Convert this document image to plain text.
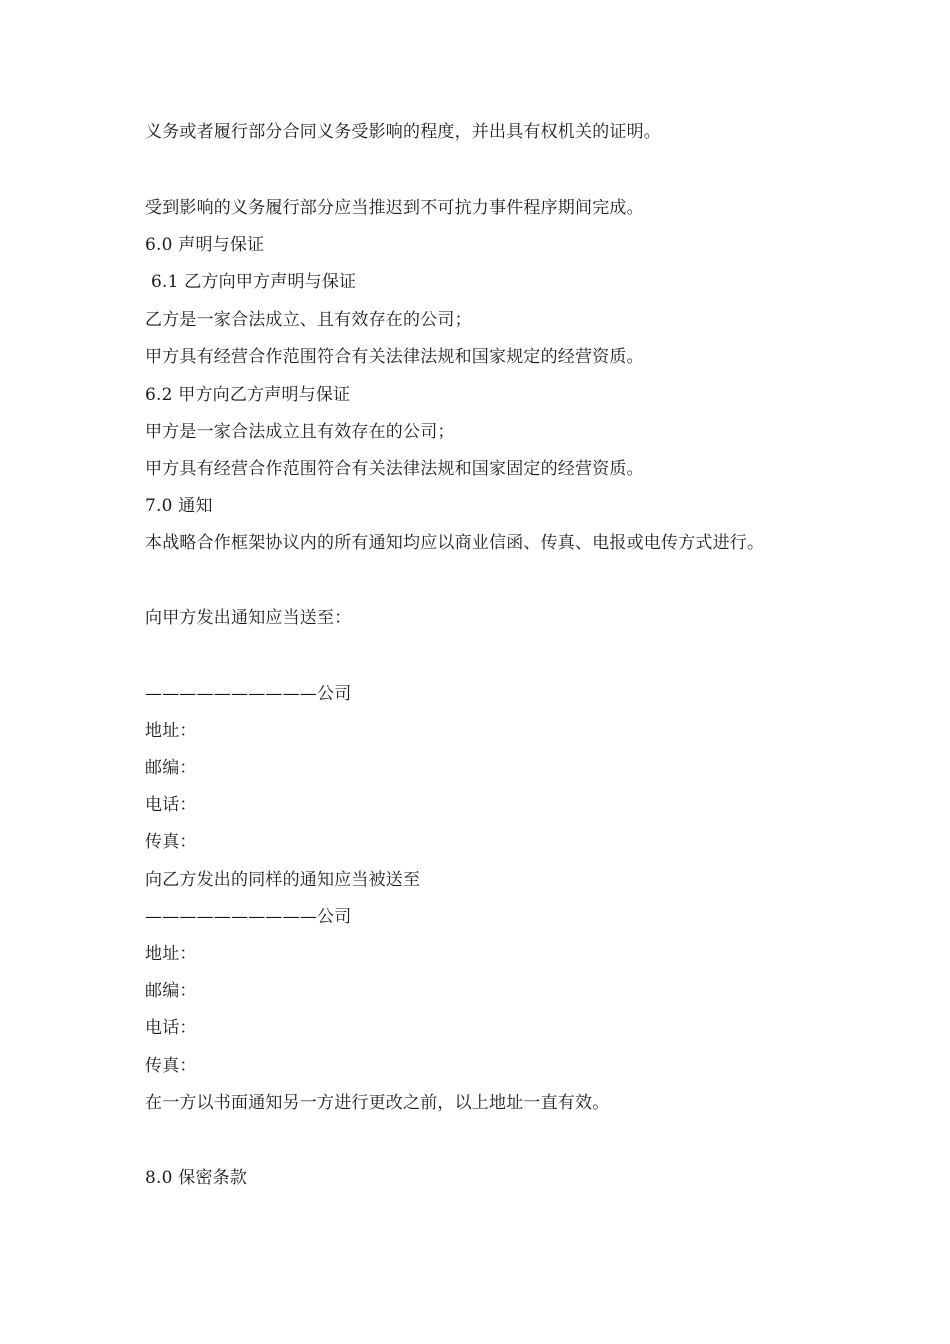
义务或者履行部分合同义务受影响的程度，并出具有权机关的证明。
受到影响的义务履行部分应当推迟到不可抗力事件程序期间完成。
6.0 声明与保证
6.1 乙方向甲方声明与保证
乙方是一家合法成立、且有效存在的公司；
甲方具有经营合作范围符合有关法律法规和国家规定的经营资质。
6.2 甲方向乙方声明与保证
甲方是一家合法成立且有效存在的公司；
甲方具有经营合作范围符合有关法律法规和国家固定的经营资质。
7.0 通知
本战略合作框架协议内的所有通知均应以商业信函、传真、电报或电传方式进行。
向甲方发出通知应当送至：
——————————公司
地址：
邮编：
电话：
传真：
向乙方发出的同样的通知应当被送至
——————————公司
地址：
邮编：
电话：
传真：
在一方以书面通知另一方进行更改之前，以上地址一直有效。
8.0 保密条款
